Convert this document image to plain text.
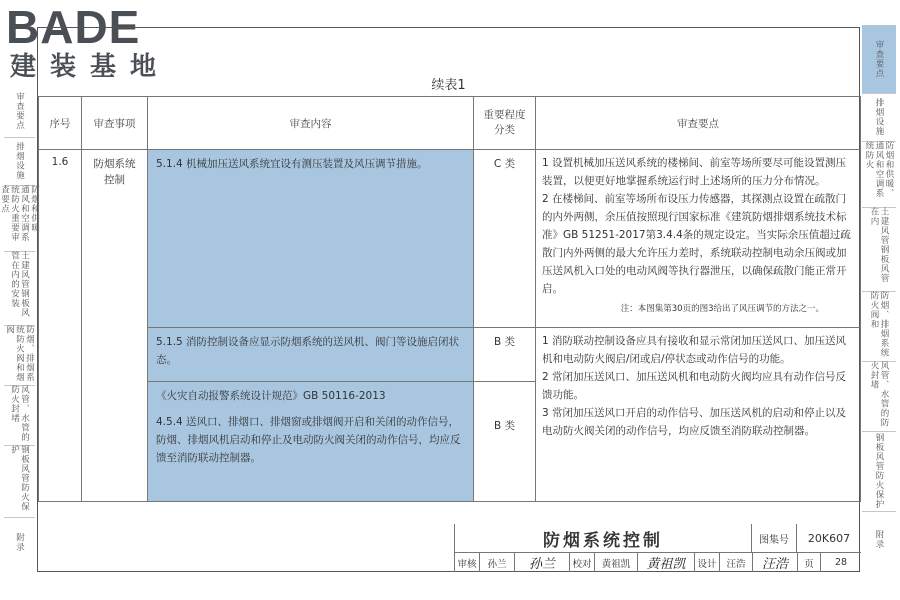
BADE
建装基地
审查要点
排烟设施
防烟和供暖、通风和空调系统防火重要审查要点
土建风管钢板风管在内的安装
防烟、排烟系统防火阀和烟阀
风管、水管的防火封堵
钢板风管防火保护
附录
审查要点
排烟设施
防烟和供暖、通风和空调系统防火
土建风管钢板风管在内
防烟、排烟系统防火阀和
风管、水管的防火封堵
钢板风管防火保护
附录
续表1
序号	审查事项	审查内容	重要程度分类	审查要点
1.6	防烟系统控制	5.1.4 机械加压送风系统宜设有测压装置及风压调节措施。	C 类	1 设置机械加压送风系统的楼梯间、前室等场所要尽可能设置测压装置，以便更好地掌握系统运行时上述场所的压力分布情况。

2 在楼梯间、前室等场所布设压力传感器，其探测点设置在疏散门的内外两侧，余压值按照现行国家标准《建筑防烟排烟系统技术标准》GB 51251-2017第3.4.4条的规定设定。当实际余压值超过疏散门内外两侧的最大允许压力差时，系统联动控制电动余压阀或加压送风机入口处的电动风阀等执行器泄压，以确保疏散门能正常开启。

注：本图集第30页的图3给出了风压调节的方法之一。

		5.1.5 消防控制设备应显示防烟系统的送风机、阀门等设施启闭状态。	B 类	1 消防联动控制设备应具有接收和显示常闭加压送风口、加压送风机和电动防火阀启/闭或启/停状态或动作信号的功能。

2 常闭加压送风口、加压送风机和电动防火阀均应具有动作信号反馈功能。

3 常闭加压送风口开启的动作信号、加压送风机的启动和停止以及电动防火阀关闭的动作信号，均应反馈至消防联动控制器。

		《火灾自动报警系统设计规范》GB 50116-2013
4.5.4 送风口、排烟口、排烟窗或排烟阀开启和关闭的动作信号，防烟、排烟风机启动和停止及电动防火阀关闭的动作信号，均应反馈至消防联动控制器。	B 类	
防烟系统控制	图集号	20K607
审核	孙兰	孙兰	校对	黄祖凯	黄祖凯	设计	汪浩	汪浩	页	28
